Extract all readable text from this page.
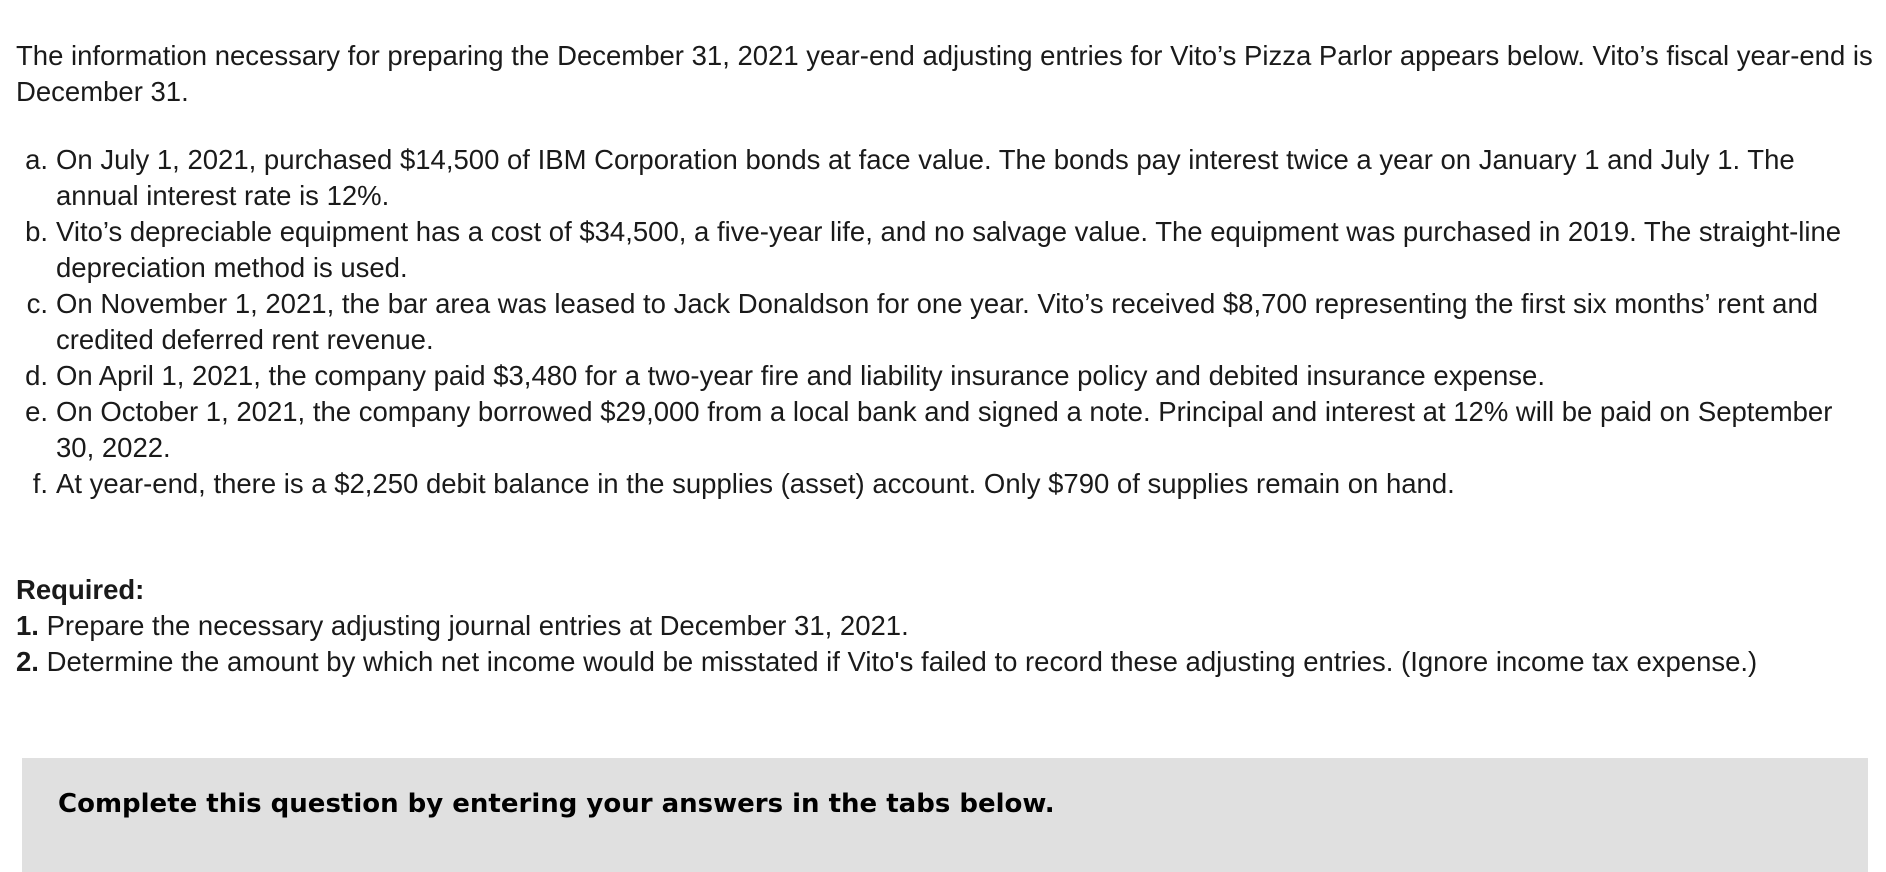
The information necessary for preparing the December 31, 2021 year-end adjusting entries for Vito’s Pizza Parlor appears below. Vito’s fiscal year-end is December 31.

a. On July 1, 2021, purchased $14,500 of IBM Corporation bonds at face value. The bonds pay interest twice a year on January 1 and July 1. The annual interest rate is 12%.
b. Vito’s depreciable equipment has a cost of $34,500, a five-year life, and no salvage value. The equipment was purchased in 2019. The straight-line depreciation method is used.
c. On November 1, 2021, the bar area was leased to Jack Donaldson for one year. Vito’s received $8,700 representing the first six months’ rent and credited deferred rent revenue.
d. On April 1, 2021, the company paid $3,480 for a two-year fire and liability insurance policy and debited insurance expense.
e. On October 1, 2021, the company borrowed $29,000 from a local bank and signed a note. Principal and interest at 12% will be paid on September 30, 2022.
f. At year-end, there is a $2,250 debit balance in the supplies (asset) account. Only $790 of supplies remain on hand.
Required:
1. Prepare the necessary adjusting journal entries at December 31, 2021.
2. Determine the amount by which net income would be misstated if Vito's failed to record these adjusting entries. (Ignore income tax expense.)
Complete this question by entering your answers in the tabs below.
